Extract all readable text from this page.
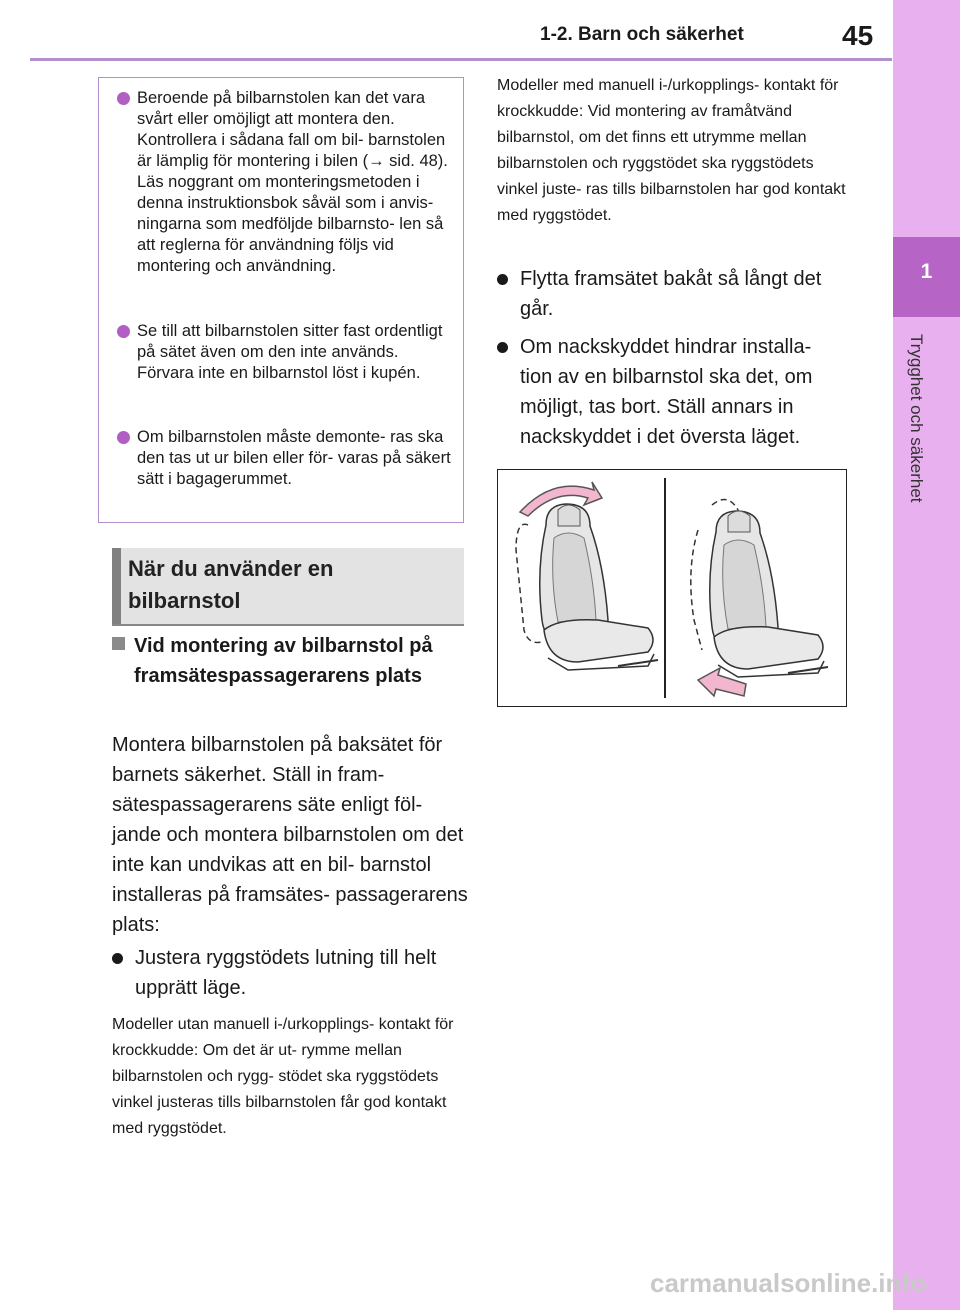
1
Trygghet och säkerhet
1-2. Barn och säkerhet	45
Beroende på bilbarnstolen kan det vara svårt eller omöjligt att montera den. Kontrollera i sådana fall om bil- barnstolen är lämplig för montering i bilen (→ sid. 48). Läs noggrant om monteringsmetoden i denna instruktionsbok såväl som i anvis- ningarna som medföljde bilbarnsto- len så att reglerna för användning följs vid montering och användning.
Se till att bilbarnstolen sitter fast ordentligt på sätet även om den inte används. Förvara inte en bilbarnstol löst i kupén.
Om bilbarnstolen måste demonte- ras ska den tas ut ur bilen eller för- varas på säkert sätt i bagagerummet.
När du använder en bilbarnstol
Vid montering av bilbarnstol på framsätespassagerarens plats
Montera bilbarnstolen på baksätet för barnets säkerhet. Ställ in fram- sätespassagerarens säte enligt föl- jande och montera bilbarnstolen om det inte kan undvikas att en bil- barnstol installeras på framsätes- passagerarens plats:
Justera ryggstödets lutning till helt upprätt läge.
Modeller utan manuell i-/urkopplings- kontakt för krockkudde: Om det är ut- rymme mellan bilbarnstolen och rygg- stödet ska ryggstödets vinkel justeras tills bilbarnstolen får god kontakt med ryggstödet.
Modeller med manuell i-/urkopplings- kontakt för krockkudde: Vid montering av framåtvänd bilbarnstol, om det finns ett utrymme mellan bilbarnstolen och ryggstödet ska ryggstödets vinkel juste- ras tills bilbarnstolen har god kontakt med ryggstödet.
Flytta framsätet bakåt så långt det går.
Om nackskyddet hindrar installa- tion av en bilbarnstol ska det, om möjligt, tas bort. Ställ annars in nackskyddet i det översta läget.
carmanualsonline.info
